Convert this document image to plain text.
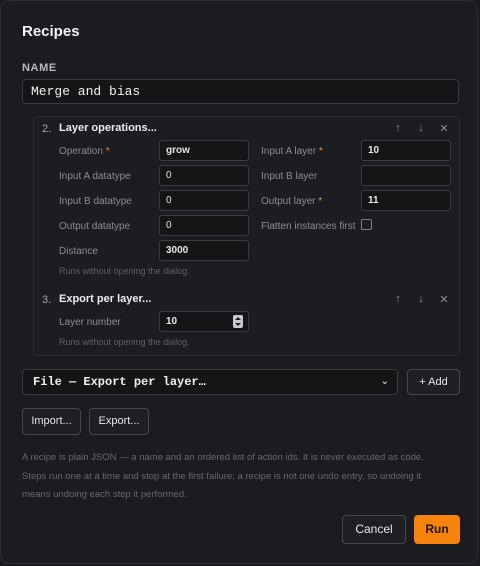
Recipes
NAME
Merge and bias
2. Layer operations...	↑	↓	✕
Operation *	grow
Input A datatype	0
Input B datatype	0
Output datatype	0
Distance	3000
Input A layer *	10
Input B layer
Output layer *	11
Flatten instances first
Runs without opening the dialog.
3. Export per layer...	↑	↓	✕
Layer number	10
Runs without opening the dialog.
File — Export per layer…	⌄	+ Add
Import...	Export...
A recipe is plain JSON — a name and an ordered list of action ids. It is never executed as code. Steps run one at a time and stop at the first failure; a recipe is not one undo entry, so undoing it means undoing each step it performed.
Cancel	Run
